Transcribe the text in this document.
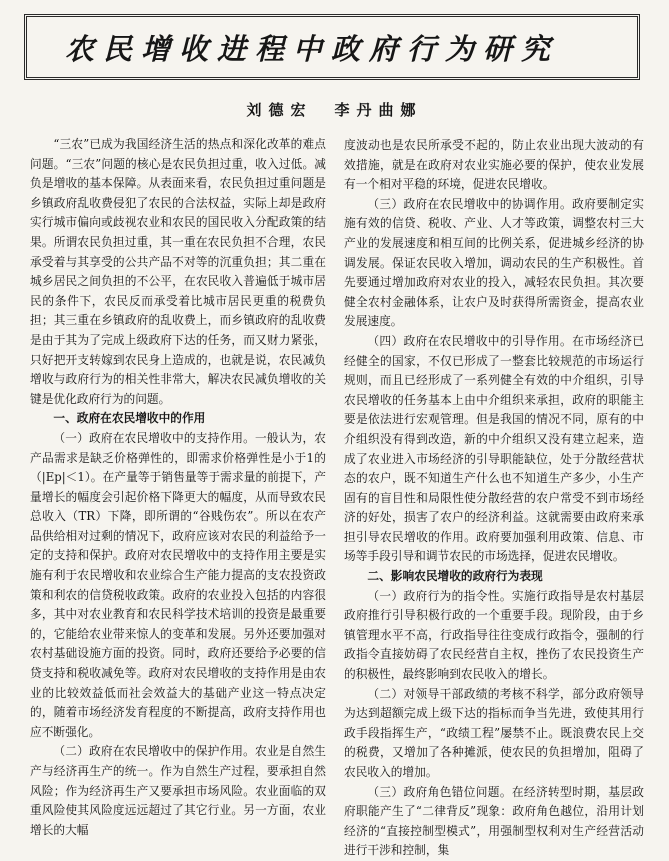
农民增收进程中政府行为研究
刘德宏　李丹曲娜

“三农”已成为我国经济生活的热点和深化改革的难点问题。“三农”问题的核心是农民负担过重，收入过低。减负是增收的基本保障。从表面来看，农民负担过重问题是乡镇政府乱收费侵犯了农民的合法权益，实际上却是政府实行城市偏向或歧视农业和农民的国民收入分配政策的结果。所谓农民负担过重，其一重在农民负担不合理，农民承受着与其享受的公共产品不对等的沉重负担；其二重在城乡居民之间负担的不公平，在农民收入普遍低于城市居民的条件下，农民反而承受着比城市居民更重的税费负担；其三重在乡镇政府的乱收费上，而乡镇政府的乱收费是由于其为了完成上级政府下达的任务，而又财力紧张，只好把开支转嫁到农民身上造成的，也就是说，农民减负增收与政府行为的相关性非常大，解决农民减负增收的关键是优化政府行为的问题。

一、政府在农民增收中的作用

（一）政府在农民增收中的支持作用。一般认为，农产品需求是缺乏价格弹性的，即需求价格弹性是小于1的（|Ep|＜1）。在产量等于销售量等于需求量的前提下，产量增长的幅度会引起价格下降更大的幅度，从而导致农民总收入（TR）下降，即所谓的“谷贱伤农”。所以在农产品供给相对过剩的情况下，政府应该对农民的利益给予一定的支持和保护。政府对农民增收中的支持作用主要是实施有利于农民增收和农业综合生产能力提高的支农投资政策和利农的信贷税收政策。政府的农业投入包括的内容很多，其中对农业教育和农民科学技术培训的投资是最重要的，它能给农业带来惊人的变革和发展。另外还要加强对农村基础设施方面的投资。同时，政府还要给予必要的信贷支持和税收减免等。政府对农民增收的支持作用是由农业的比较效益低而社会效益大的基础产业这一特点决定的，随着市场经济发育程度的不断提高，政府支持作用也应不断强化。

（二）政府在农民增收中的保护作用。农业是自然生产与经济再生产的统一。作为自然生产过程，要承担自然风险；作为经济再生产又要承担市场风险。农业面临的双重风险使其风险度远远超过了其它行业。另一方面，农业增长的大幅

度波动也是农民所承受不起的，防止农业出现大波动的有效措施，就是在政府对农业实施必要的保护，使农业发展有一个相对平稳的环境，促进农民增收。

（三）政府在农民增收中的协调作用。政府要制定实施有效的信贷、税收、产业、人才等政策，调整农村三大产业的发展速度和相互间的比例关系，促进城乡经济的协调发展。保证农民收入增加，调动农民的生产积极性。首先要通过增加政府对农业的投入，减轻农民负担。其次要健全农村金融体系，让农户及时获得所需资金，提高农业发展速度。

（四）政府在农民增收中的引导作用。在市场经济已经健全的国家，不仅已形成了一整套比较规范的市场运行规则，而且已经形成了一系列健全有效的中介组织，引导农民增收的任务基本上由中介组织来承担，政府的职能主要是依法进行宏观管理。但是我国的情况不同，原有的中介组织没有得到改造，新的中介组织又没有建立起来，造成了农业进入市场经济的引导职能缺位，处于分散经营状态的农户，既不知道生产什么也不知道生产多少，小生产固有的盲目性和局限性使分散经营的农户常受不到市场经济的好处，损害了农户的经济利益。这就需要由政府来承担引导农民增收的作用。政府要加强利用政策、信息、市场等手段引导和调节农民的市场选择，促进农民增收。

二、影响农民增收的政府行为表现

（一）政府行为的指令性。实施行政指导是农村基层政府推行引导积极行政的一个重要手段。现阶段，由于乡镇管理水平不高，行政指导往往变成行政指令，强制的行政指令直接妨碍了农民经营自主权，挫伤了农民投资生产的积极性，最终影响到农民收入的增长。

（二）对领导干部政绩的考核不科学，部分政府领导为达到超额完成上级下达的指标而争当先进，致使其用行政手段指挥生产，“政绩工程”屡禁不止。既浪费农民上交的税费，又增加了各种摊派，使农民的负担增加，阻碍了农民收入的增加。

（三）政府角色错位问题。在经济转型时期，基层政府职能产生了“二律背反”现象：政府角色越位，沿用计划经济的“直接控制型模式”，用强制型权利对生产经营活动进行干涉和控制，集
